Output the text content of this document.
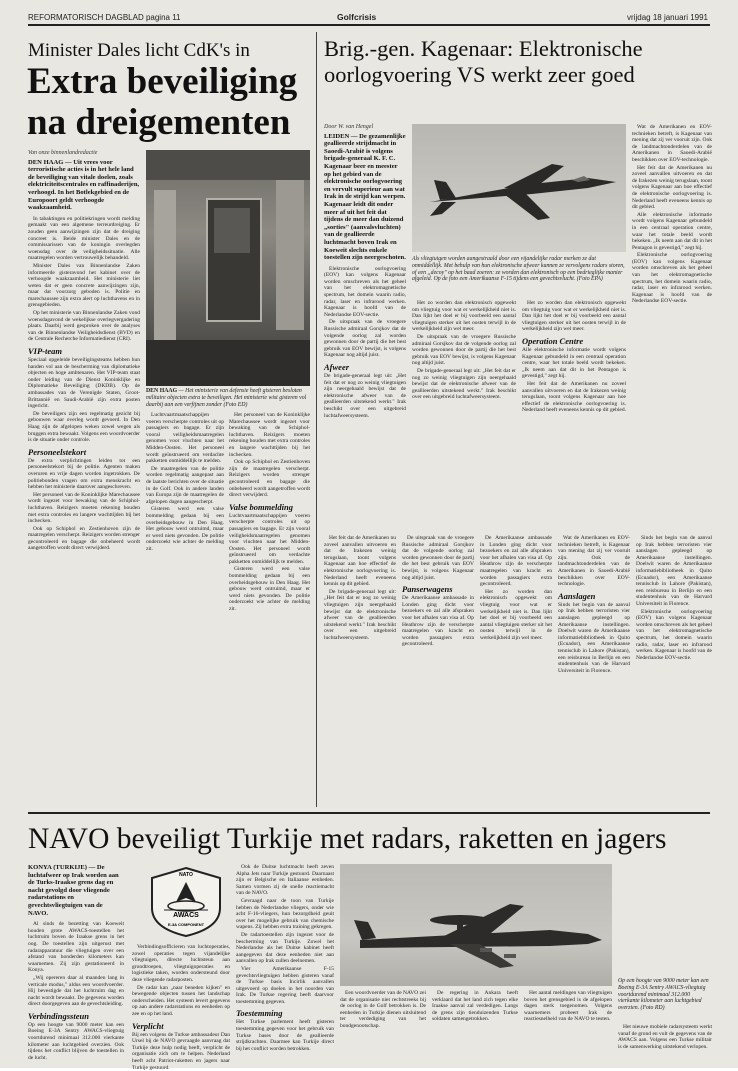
REFORMATORISCH DAGBLAD pagina 11	Golfcrisis	vrijdag 18 januari 1991
Minister Dales licht CdK's in
Extra beveiliging
na dreigementen
Van onze binnenlandredactie
DEN HAAG — Uit vrees voor terroristische acties is in het hele land de beveiliging van vitale doelen, zoals elektriciteitscentrales en raffinaderijen, verhoogd. In het Botlekgebied en de Europoort geldt verhoogde waakzaamheid.

In tabaktingen en politiekringen wordt melding gemaakt van een algemene terreurdreiging. Er zouden geen aanwijzingen zijn dat de dreiging concreet is. Beide minister Dales en de commissarissen van de koningin overlegden woensdag over de veiligheidssituatie. Alle maatregelen worden vertrouwelijk behandeld.

Minister Dales van Binnenlandse Zaken informeerde gisteravond het kabinet over de verhoogde waakzaamheid. Het ministerie liet weten dat er geen concrete aanwijzingen zijn, maar dat voorzorg geboden is. Politie en marechaussee zijn extra alert op luchthavens en in grensgebieden.

Op het ministerie van Binnenlandse Zaken vond woensdagavond de wekelijkse overlegvergadering plaats. Daarbij werd gesproken over de analyses van de Binnenlandse Veiligheidsdienst (BVD) en de Centrale Recherche Informatiedienst (CRI).

VIP-team

Speciaal opgeleide beveiligingsteams hebben hun handen vol aan de bescherming van diplomatieke objecten en hoge ambtenaren. Het VIP-team staat onder leiding van de Dienst Koninklijke en Diplomatieke Beveiliging (DKDB). Op de ambassades van de Verenigde Staten, Groot-Brittannië en Saudi-Arabië zijn extra posten ingericht.

De beveiligers zijn een regelmatig gezicht bij gebouwen waar overleg wordt gevoerd. In Den Haag zijn de afgelopen weken zowel wegen als bruggen extra bewaakt. Volgens een woordvoerder is de situatie onder controle.

Personeelstekort

De extra verplichtingen leiden tot een personeelstekort bij de politie. Agenten maken overuren en vrije dagen worden ingetrokken. De politiebonden vragen om extra menskracht en hebben het ministerie daarover aangeschreven.

Het personeel van de Koninklijke Marechaussee wordt ingezet voor bewaking van de Schiphol-luchthaven. Reizigers moeten rekening houden met extra controles en langere wachttijden bij het inchecken.

Ook op Schiphol en Zestienhoven zijn de maatregelen verscherpt. Reizigers worden strenger gecontroleerd en bagage die onbeheerd wordt aangetroffen wordt direct verwijderd.

DEN HAAG — Het ministerie van defensie heeft gisteren besloten militaire objecten extra te beveiligen. Het ministerie wist gisteren vol daarbij aan een verfijnen zonder (Foto ED)

Luchtvaartmaatschappijen voeren verscherpte controles uit op passagiers en bagage. Er zijn vooral veiligheidsmaatregelen genomen voor vluchten naar het Midden-Oosten. Het personeel wordt geïnstrueerd om verdachte pakketten onmiddellijk te melden.

De maatregelen van de politie worden regelmatig aangepast aan de laatste berichten over de situatie in de Golf. Ook in andere landen van Europa zijn de maatregelen de afgelopen dagen aangescherpt.

Gisteren werd een valse bommelding gedaan bij een overheidsgebouw in Den Haag. Het gebouw werd ontruimd, maar er werd niets gevonden. De politie onderzoekt wie achter de melding zit.

Het personeel van de Koninklijke Marechaussee wordt ingezet voor bewaking van de Schiphol-luchthaven. Reizigers moeten rekening houden met extra controles en langere wachttijden bij het inchecken.

Ook op Schiphol en Zestienhoven zijn de maatregelen verscherpt. Reizigers worden strenger gecontroleerd en bagage die onbeheerd wordt aangetroffen wordt direct verwijderd.

Valse bommelding

Luchtvaartmaatschappijen voeren verscherpte controles uit op passagiers en bagage. Er zijn vooral veiligheidsmaatregelen genomen voor vluchten naar het Midden-Oosten. Het personeel wordt geïnstrueerd om verdachte pakketten onmiddellijk te melden.

Gisteren werd een valse bommelding gedaan bij een overheidsgebouw in Den Haag. Het gebouw werd ontruimd, maar er werd niets gevonden. De politie onderzoekt wie achter de melding zit.

Brig.-gen. Kagenaar: Elektronische
oorlogvoering VS werkt zeer goed
Door W. van Hengel
LEIDEN — De gezamenlijke geallieerde strijdmacht in Saoedi-Arabië is volgens brigade-generaal K. F. C. Kagenaar beer en meester op het gebied van de elektronische oorlogvoering en vervult superieur aan wat Irak in de strijd kan werpen. Kagenaar leidt dit onder meer af uit het feit dat tijdens de meer dan duizend „sorties" (aanvalsvluchten) van de geallieerde luchtmacht boven Irak en Koeweit slechts enkele toestellen zijn neergeschoten.

Elektronische oorlogvoering (EOV) kan volgens Kagenaar worden omschreven als het geheel van het elektromagnetische spectrum, het domein waarin radio, radar, laser en infrarood werken. Kagenaar is hoofd van de Nederlandse EOV-sectie.

De uitspraak van de vroegere Russische admiraal Gorsjkov dat de volgende oorlog zal worden gewonnen door de partij die het best gebruik van EOV bewijst, is volgens Kagenaar nog altijd juist.

Afweer

De brigade-generaal legt uit: „Het feit dat er nog zo weinig vliegtuigen zijn neergehaald bewijst dat de elektronische afweer van de geallieerden uitstekend werkt." Irak beschikt over een uitgebreid luchtafweersysteem.

Als vliegtuigen worden aangestraald door een vijandelijke radar merken ze dat onmiddellijk. Met behulp van hun elektronische afweer kunnen ze vervolgens radars storen, of een „decoy" op het baad zoeren: ze worden dan elektronisch op een bedrieglijke manier afgeleid. Op de foto een Amerikaanse F-15 tijdens een gevechtsvlucht. (Foto EPA)

Het zo worden dan elektronisch opgewekt om vliegtuig voor wat er werkelijkheid niet is. Dan lijkt het doel er bij voorbeeld een aantal vliegtuigen sterker uit het oosten terwijl in de werkelijkheid zijn wel meer.

De uitspraak van de vroegere Russische admiraal Gorsjkov dat de volgende oorlog zal worden gewonnen door de partij die het best gebruik van EOV bewijst, is volgens Kagenaar nog altijd juist.

De brigade-generaal legt uit: „Het feit dat er nog zo weinig vliegtuigen zijn neergehaald bewijst dat de elektronische afweer van de geallieerden uitstekend werkt." Irak beschikt over een uitgebreid luchtafweersysteem.

Het zo worden dan elektronisch opgewekt om vliegtuig voor wat er werkelijkheid niet is. Dan lijkt het doel er bij voorbeeld een aantal vliegtuigen sterker uit het oosten terwijl in de werkelijkheid zijn wel meer.

Operation Centre

Alle elektronische informatie wordt volgens Kagenaar gebundeld in een centraal operation centre, waar het totale beeld wordt bekeken. „Ik neem aan dat dit in het Pentagon is gevestigd," zegt hij.

Het feit dat de Amerikanen nu zoveel aanvallen uitvoeren en dat de Irakezen weinig terugslaan, toont volgens Kagenaar aan hoe effectief de elektronische oorlogvoering is. Nederland heeft eveneens kennis op dit gebied.

Wat de Amerikanen en EOV-technieken betreft, is Kagenaar van mening dat zij ver vooruit zijn. Ook de landmachtonderdelen van de Amerikanen in Saoedi-Arabië beschikken over EOV-technologie.

Het feit dat de Amerikanen nu zoveel aanvallen uitvoeren en dat de Irakezen weinig terugslaan, toont volgens Kagenaar aan hoe effectief de elektronische oorlogvoering is. Nederland heeft eveneens kennis op dit gebied.

Alle elektronische informatie wordt volgens Kagenaar gebundeld in een centraal operation centre, waar het totale beeld wordt bekeken. „Ik neem aan dat dit in het Pentagon is gevestigd," zegt hij.

Elektronische oorlogvoering (EOV) kan volgens Kagenaar worden omschreven als het geheel van het elektromagnetische spectrum, het domein waarin radio, radar, laser en infrarood werken. Kagenaar is hoofd van de Nederlandse EOV-sectie.

Het feit dat de Amerikanen nu zoveel aanvallen uitvoeren en dat de Irakezen weinig terugslaan, toont volgens Kagenaar aan hoe effectief de elektronische oorlogvoering is. Nederland heeft eveneens kennis op dit gebied.

De brigade-generaal legt uit: „Het feit dat er nog zo weinig vliegtuigen zijn neergehaald bewijst dat de elektronische afweer van de geallieerden uitstekend werkt." Irak beschikt over een uitgebreid luchtafweersysteem.

De uitspraak van de vroegere Russische admiraal Gorsjkov dat de volgende oorlog zal worden gewonnen door de partij die het best gebruik van EOV bewijst, is volgens Kagenaar nog altijd juist.

Panserwagens

De Amerikaanse ambassade in Londen ging dicht voor bezoekers en zal alle afspraken voor het afhalen van visa af. Op Heathrow zijn de verscherpte maatregelen van kracht en worden passagiers extra gecontroleerd.

De Amerikaanse ambassade in Londen ging dicht voor bezoekers en zal alle afspraken voor het afhalen van visa af. Op Heathrow zijn de verscherpte maatregelen van kracht en worden passagiers extra gecontroleerd.

Het zo worden dan elektronisch opgewekt om vliegtuig voor wat er werkelijkheid niet is. Dan lijkt het doel er bij voorbeeld een aantal vliegtuigen sterker uit het oosten terwijl in de werkelijkheid zijn wel meer.

Wat de Amerikanen en EOV-technieken betreft, is Kagenaar van mening dat zij ver vooruit zijn. Ook de landmachtonderdelen van de Amerikanen in Saoedi-Arabië beschikken over EOV-technologie.

Aanslagen

Sinds het begin van de aanval op Irak hebben terroristen vier aanslagen gepleegd op Amerikaanse instellingen. Doelwit waren de Amerikaanse informatiebibliotheek in Quito (Ecuador), een Amerikaanse tennisclub in Lahore (Pakistan), een reisbureau in Berlijn en een studentenhuis van de Harvard Universiteit in Florence.

Sinds het begin van de aanval op Irak hebben terroristen vier aanslagen gepleegd op Amerikaanse instellingen. Doelwit waren de Amerikaanse informatiebibliotheek in Quito (Ecuador), een Amerikaanse tennisclub in Lahore (Pakistan), een reisbureau in Berlijn en een studentenhuis van de Harvard Universiteit in Florence.

Elektronische oorlogvoering (EOV) kan volgens Kagenaar worden omschreven als het geheel van het elektromagnetische spectrum, het domein waarin radio, radar, laser en infrarood werken. Kagenaar is hoofd van de Nederlandse EOV-sectie.

NAVO beveiligt Turkije met radars, raketten en jagers
KONYA (TURKIJE) — De luchtafweer op Irak worden aan de Turks-Iraakse grens dag en nacht gevolgd door vliegende radarstations en gevechtsvliegtuigen van de NAVO.

Al sinds de bezetting van Koeweit houden grote AWACS-toestellen het luchtruim boven de Iraakse grens in het oog. De toestellen zijn uitgerust met radarapparatuur die vliegtuigen over een afstand van honderden kilometers kan waarnemen. Zij zijn gestationeerd in Konya.

„Wij opereren daar al maanden lang in verticale modus," aldus een woordvoerder. Hij bevestigde dat het luchtruim dag en nacht wordt bewaakt. De gegevens worden direct doorgegeven aan de gevechtsleiding.

Verbindingssteun

Op een hoogte van 9000 meter kan een Boeing E-3A Sentry AWACS-vliegtuig voortdurend minimaal 312.000 vierkante kilometer aan luchtgebied overzien. Ook tijdens het conflict blijven de toestellen in de lucht.

NATO
AWACS
E-3A COMPONENT

Verbindingsofficieren van luchtoperaties, zowel operaties tegen vijandelijke vliegtuigen, directe luchtsteun aan grondtroepen, vliegtuigoperaties en logistieke taken, worden ondersteund door deze vliegende radarposten.

De radar kan „naar beneden kijken" en bewegende objecten tussen het landschap onderscheiden. Het systeem levert gegevens op aan andere radarstations en eenheden op zee en op het land.

Verplicht

Bij een volgens de Turkse ambassadeur Dan Ursel bij de NAVO gevraagde aanvraag dat Turkije deze hulp nodig heeft, verplicht de organisatie zich om te helpen. Nederland heeft acht Patriot-raketten en jagers naar Turkije gestuurd.

Ook de Duitse luchtmacht heeft zeven Alpha Jets naar Turkije gestuurd. Daarnaast zijn er Belgische en Italiaanse eenheden. Samen vormen zij de snelle reactiemacht van de NAVO.

Gevraagd naar de toon van Turkije hebben de Nederlandse vliegers, onder wie acht F-16-vliegers, hun bezorgdheid geuit over het mogelijke gebruik van chemische wapens. Zij hebben extra training gekregen.

De radartoestellen zijn ingezet voor de bescherming van Turkije. Zowel het Nederlandse als het Duitse kabinet heeft aangegeven dat deze eenheden niet aan aanvallen op Irak zullen deelnemen.

Vier Amerikaanse F-15 gevechtsvliegtuigen hebben gisteren vanaf de Turkse basis Incirlik aanvallen uitgevoerd op doelen in het noorden van Irak. De Turkse regering heeft daarvoor toestemming gegeven.

Toestemming

Het Turkse parlement heeft gisteren toestemming gegeven voor het gebruik van Turkse bases door de geallieerde strijdkrachten. Daarmee kan Turkije direct bij het conflict worden betrokken.

Een woordvoerder van de NAVO zei dat de organisatie niet rechtstreeks bij de oorlog in de Golf betrokken is. De eenheden in Turkije dienen uitsluitend ter verdediging van het bondgenootschap.

De regering in Ankara heeft verklaard dat het land zich tegen elke Iraakse aanval zal verdedigen. Langs de grens zijn tienduizenden Turkse soldaten samengetrokken.

Het aantal meldingen van vliegtuigen boven het grensgebied is de afgelopen dagen sterk toegenomen. Volgens waarnemers probeert Irak de reactiesnelheid van de NAVO te testen.

Op een hoogte van 9000 meter kan een Boeing E-3A Sentry AWACS-vliegtuig voortdurend minimaal 312.000 vierkante kilometer aan luchtgebied overzien. (Foto RD)

Het nieuwe mobiele radarsysteem werkt vanaf de grond en vult de gegevens van de AWACS aan. Volgens een Turkse militair is de samenwerking uitstekend verlopen.
